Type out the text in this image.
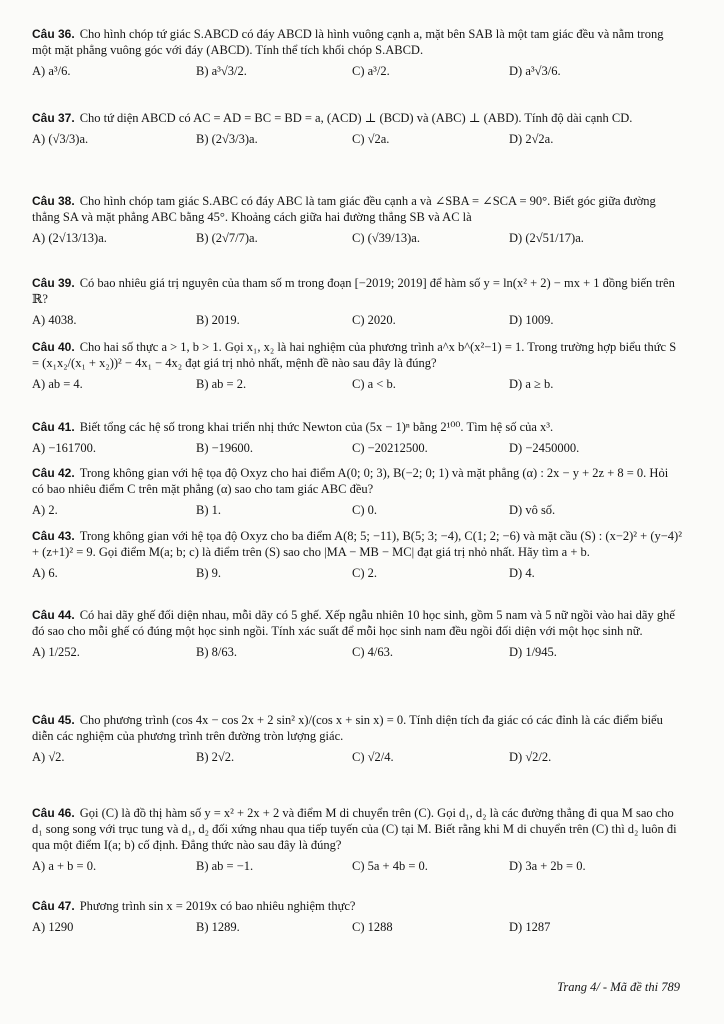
Câu 36. Cho hình chóp tứ giác S.ABCD có đáy ABCD là hình vuông cạnh a, mặt bên SAB là một tam giác đều và nằm trong một mặt phẳng vuông góc với đáy (ABCD). Tính thể tích khối chóp S.ABCD.

A) a³/6.	B) a³√3/2.	C) a³/2.	D) a³√3/6.

Câu 37. Cho tứ diện ABCD có AC = AD = BC = BD = a, (ACD) ⊥ (BCD) và (ABC) ⊥ (ABD). Tính độ dài cạnh CD.

A) (√3/3)a.	B) (2√3/3)a.	C) √2a.	D) 2√2a.

Câu 38. Cho hình chóp tam giác S.ABC có đáy ABC là tam giác đều cạnh a và ∠SBA = ∠SCA = 90°. Biết góc giữa đường thẳng SA và mặt phẳng ABC bằng 45°. Khoảng cách giữa hai đường thẳng SB và AC là

A) (2√13/13)a.	B) (2√7/7)a.	C) (√39/13)a.	D) (2√51/17)a.

Câu 39. Có bao nhiêu giá trị nguyên của tham số m trong đoạn [−2019; 2019] để hàm số y = ln(x² + 2) − mx + 1 đồng biến trên ℝ?

A) 4038.	B) 2019.	C) 2020.	D) 1009.

Câu 40. Cho hai số thực a > 1, b > 1. Gọi x₁, x₂ là hai nghiệm của phương trình a^x b^(x²−1) = 1. Trong trường hợp biểu thức S = (x₁x₂/(x₁ + x₂))² − 4x₁ − 4x₂ đạt giá trị nhỏ nhất, mệnh đề nào sau đây là đúng?

A) ab = 4.	B) ab = 2.	C) a < b.	D) a ≥ b.

Câu 41. Biết tổng các hệ số trong khai triển nhị thức Newton của (5x − 1)ⁿ bằng 2¹⁰⁰. Tìm hệ số của x³.

A) −161700.	B) −19600.	C) −20212500.	D) −2450000.

Câu 42. Trong không gian với hệ tọa độ Oxyz cho hai điểm A(0; 0; 3), B(−2; 0; 1) và mặt phẳng (α) : 2x − y + 2z + 8 = 0. Hỏi có bao nhiêu điểm C trên mặt phẳng (α) sao cho tam giác ABC đều?

A) 2.	B) 1.	C) 0.	D) vô số.

Câu 43. Trong không gian với hệ tọa độ Oxyz cho ba điểm A(8; 5; −11), B(5; 3; −4), C(1; 2; −6) và mặt cầu (S) : (x−2)² + (y−4)² + (z+1)² = 9. Gọi điểm M(a; b; c) là điểm trên (S) sao cho |MA − MB − MC| đạt giá trị nhỏ nhất. Hãy tìm a + b.

A) 6.	B) 9.	C) 2.	D) 4.

Câu 44. Có hai dãy ghế đối diện nhau, mỗi dãy có 5 ghế. Xếp ngẫu nhiên 10 học sinh, gồm 5 nam và 5 nữ ngồi vào hai dãy ghế đó sao cho mỗi ghế có đúng một học sinh ngồi. Tính xác suất để mỗi học sinh nam đều ngồi đối diện với một học sinh nữ.

A) 1/252.	B) 8/63.	C) 4/63.	D) 1/945.

Câu 45. Cho phương trình (cos 4x − cos 2x + 2 sin² x)/(cos x + sin x) = 0. Tính diện tích đa giác có các đỉnh là các điểm biểu diễn các nghiệm của phương trình trên đường tròn lượng giác.

A) √2.	B) 2√2.	C) √2/4.	D) √2/2.

Câu 46. Gọi (C) là đồ thị hàm số y = x² + 2x + 2 và điểm M di chuyển trên (C). Gọi d₁, d₂ là các đường thẳng đi qua M sao cho d₁ song song với trục tung và d₁, d₂ đối xứng nhau qua tiếp tuyến của (C) tại M. Biết rằng khi M di chuyển trên (C) thì d₂ luôn đi qua một điểm I(a; b) cố định. Đẳng thức nào sau đây là đúng?

A) a + b = 0.	B) ab = −1.	C) 5a + 4b = 0.	D) 3a + 2b = 0.

Câu 47. Phương trình sin x = 2019x có bao nhiêu nghiệm thực?

A) 1290	B) 1289.	C) 1288	D) 1287
Trang 4/ - Mã đề thi 789
